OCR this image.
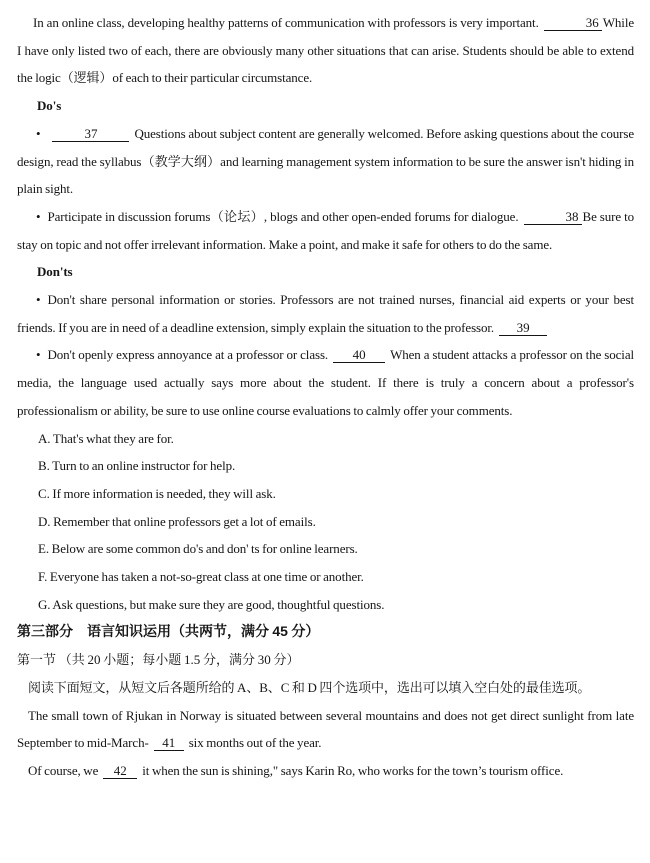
In an online class, developing healthy patterns of communication with professors is very important.	36 While I have only listed two of each, there are obviously many other situations that can arise. Students should be able to extend the logic（逻辑）of each to their particular circumstance.

Do's

•	37	Questions about subject content are generally welcomed. Before asking questions about the course design, read the syllabus（教学大纲）and learning management system information to be sure the answer isn't hiding in plain sight.

• Participate in discussion forums（论坛）, blogs and other open-ended forums for dialogue.	38 Be sure to stay on topic and not offer irrelevant information. Make a point, and make it safe for others to do the same.

Don'ts

• Don't share personal information or stories. Professors are not trained nurses, financial aid experts or your best friends. If you are in need of a deadline extension, simply explain the situation to the professor. 39

• Don't openly express annoyance at a professor or class. 40 When a student attacks a professor on the social media, the language used actually says more about the student. If there is truly a concern about a professor's professionalism or ability, be sure to use online course evaluations to calmly offer your comments.

A. That's what they are for.

B. Turn to an online instructor for help.

C. If more information is needed, they will ask.

D. Remember that online professors get a lot of emails.

E. Below are some common do's and don' ts for online learners.

F. Everyone has taken a not-so-great class at one time or another.

G. Ask questions, but make sure they are good, thoughtful questions.

第三部分　语言知识运用（共两节，满分 45 分）

第一节 （共 20 小题；每小题 1.5 分，满分 30 分）

阅读下面短文，从短文后各题所给的 A、B、C 和 D 四个选项中，选出可以填入空白处的最佳选项。

The small town of Rjukan in Norway is situated between several mountains and does not get direct sunlight from late September to mid-March- 41 six months out of the year.

Of course, we 42 it when the sun is shining," says Karin Ro, who works for the town’s tourism office.
